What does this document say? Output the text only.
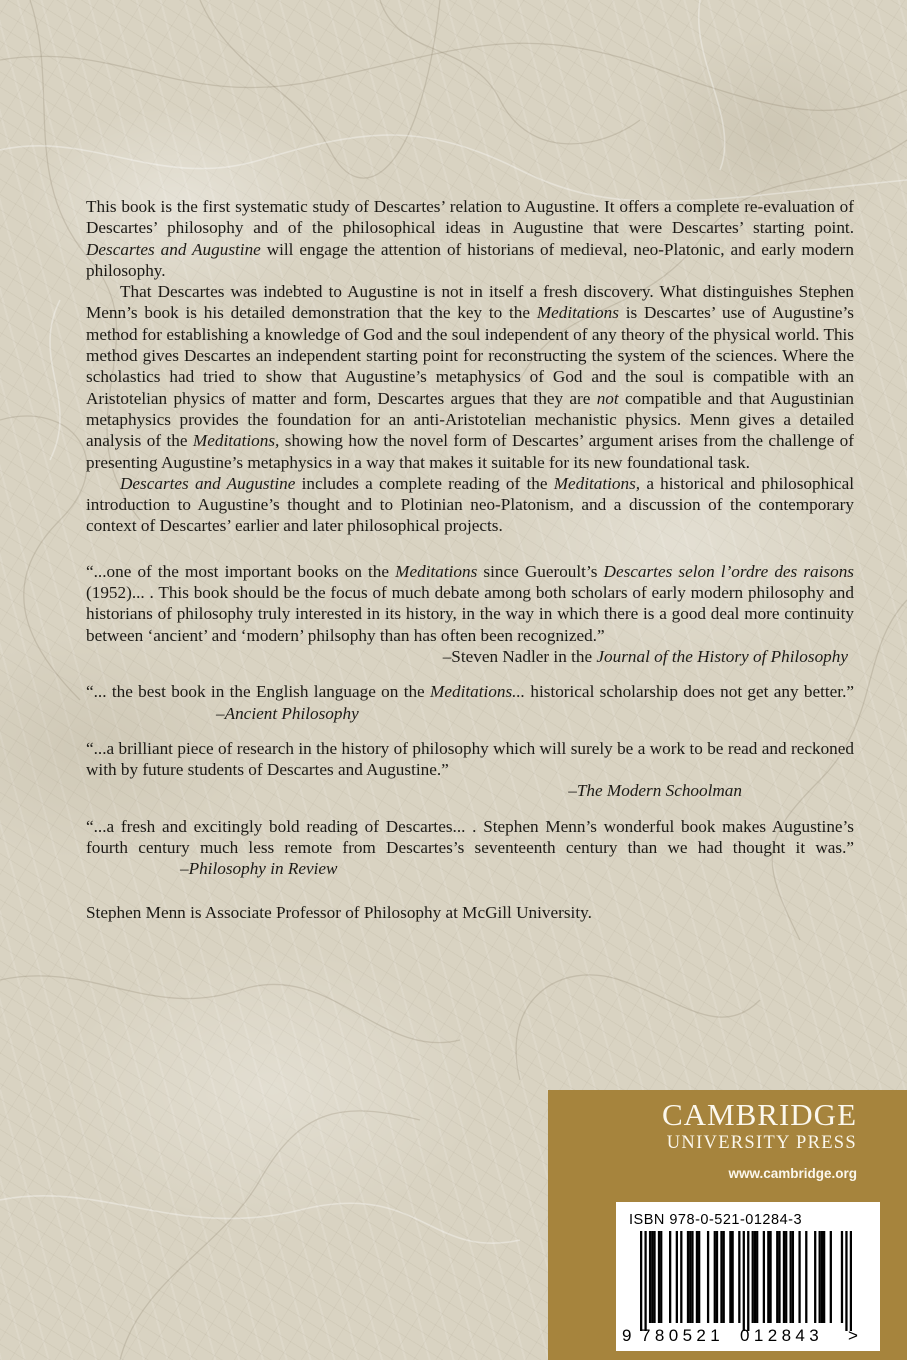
This book is the first systematic study of Descartes’ relation to Augustine. It offers a complete re-evaluation of Descartes’ philosophy and of the philosophical ideas in Augustine that were Descartes’ starting point. Descartes and Augustine will engage the attention of historians of medieval, neo-Platonic, and early modern philosophy.

That Descartes was indebted to Augustine is not in itself a fresh discovery. What distinguishes Stephen Menn’s book is his detailed demonstration that the key to the Meditations is Descartes’ use of Augustine’s method for establishing a knowledge of God and the soul independent of any theory of the physical world. This method gives Descartes an independent starting point for reconstructing the system of the sciences. Where the scholastics had tried to show that Augustine’s metaphysics of God and the soul is compatible with an Aristotelian physics of matter and form, Descartes argues that they are not compatible and that Augustinian metaphysics provides the foundation for an anti-Aristotelian mechanistic physics. Menn gives a detailed analysis of the Meditations, showing how the novel form of Descartes’ argument arises from the challenge of presenting Augustine’s metaphysics in a way that makes it suitable for its new foundational task.

Descartes and Augustine includes a complete reading of the Meditations, a historical and philosophical introduction to Augustine’s thought and to Plotinian neo-Platonism, and a discussion of the contemporary context of Descartes’ earlier and later philosophical projects.

“...one of the most important books on the Meditations since Gueroult’s Descartes selon l’ordre des raisons (1952)... . This book should be the focus of much debate among both scholars of early modern philosophy and historians of philosophy truly interested in its history, in the way in which there is a good deal more continuity between ‘ancient’ and ‘modern’ philsophy than has often been recognized.”

–Steven Nadler in the Journal of the History of Philosophy

“... the best book in the English language on the Meditations... historical scholarship does not get any better.”–Ancient Philosophy

“...a brilliant piece of research in the history of philosophy which will surely be a work to be read and reckoned with by future students of Descartes and Augustine.”

–The Modern Schoolman

“...a fresh and excitingly bold reading of Descartes... . Stephen Menn’s wonderful book makes Augustine’s fourth century much less remote from Descartes’s seventeenth century than we had thought it was.”–Philosophy in Review

Stephen Menn is Associate Professor of Philosophy at McGill University.

CAMBRIDGE
UNIVERSITY PRESS
www.cambridge.org
ISBN 978-0-521-01284-3
9 780521 012843 >
